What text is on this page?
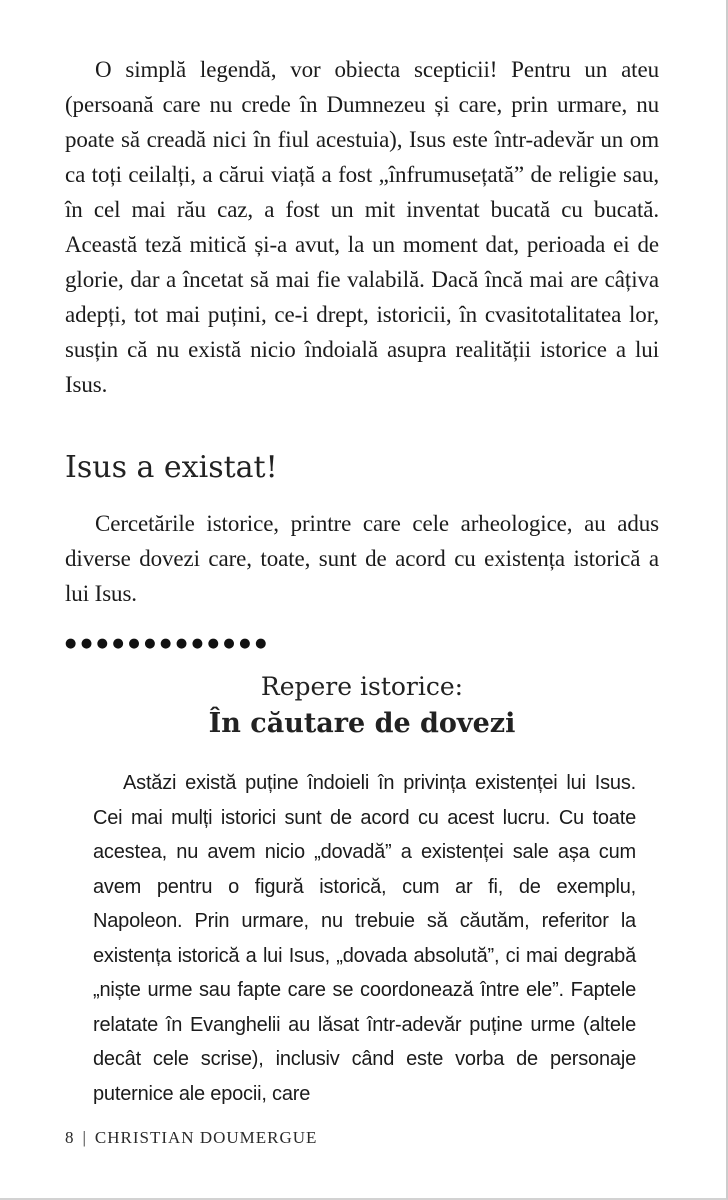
O simplă legendă, vor obiecta scepticii! Pentru un ateu (persoană care nu crede în Dumnezeu și care, prin urmare, nu poate să creadă nici în fiul acestuia), Isus este într-adevăr un om ca toți ceilalți, a cărui viață a fost „înfrumusețată” de religie sau, în cel mai rău caz, a fost un mit inventat bucată cu bucată. Această teză mitică și-a avut, la un moment dat, perioada ei de glorie, dar a încetat să mai fie valabilă. Dacă încă mai are câțiva adepți, tot mai puțini, ce-i drept, istoricii, în cvasitotalitatea lor, susțin că nu există nicio îndoială asupra realității istorice a lui Isus.

Isus a existat!

Cercetările istorice, printre care cele arheologice, au adus diverse dovezi care, toate, sunt de acord cu existența istorică a lui Isus.

●●●●●●●●●●●●●
Repere istorice:
În căutare de dovezi

Astăzi există puține îndoieli în privința existenței lui Isus. Cei mai mulți istorici sunt de acord cu acest lucru. Cu toate acestea, nu avem nicio „dovadă” a existenței sale așa cum avem pentru o figură istorică, cum ar fi, de exemplu, Napoleon. Prin urmare, nu trebuie să căutăm, referitor la existența istorică a lui Isus, „dovada absolută”, ci mai degrabă „niște urme sau fapte care se coordonează între ele”. Faptele relatate în Evanghelii au lăsat într-adevăr puține urme (altele decât cele scrise), inclusiv când este vorba de personaje puternice ale epocii, care

8 | CHRISTIAN DOUMERGUE
